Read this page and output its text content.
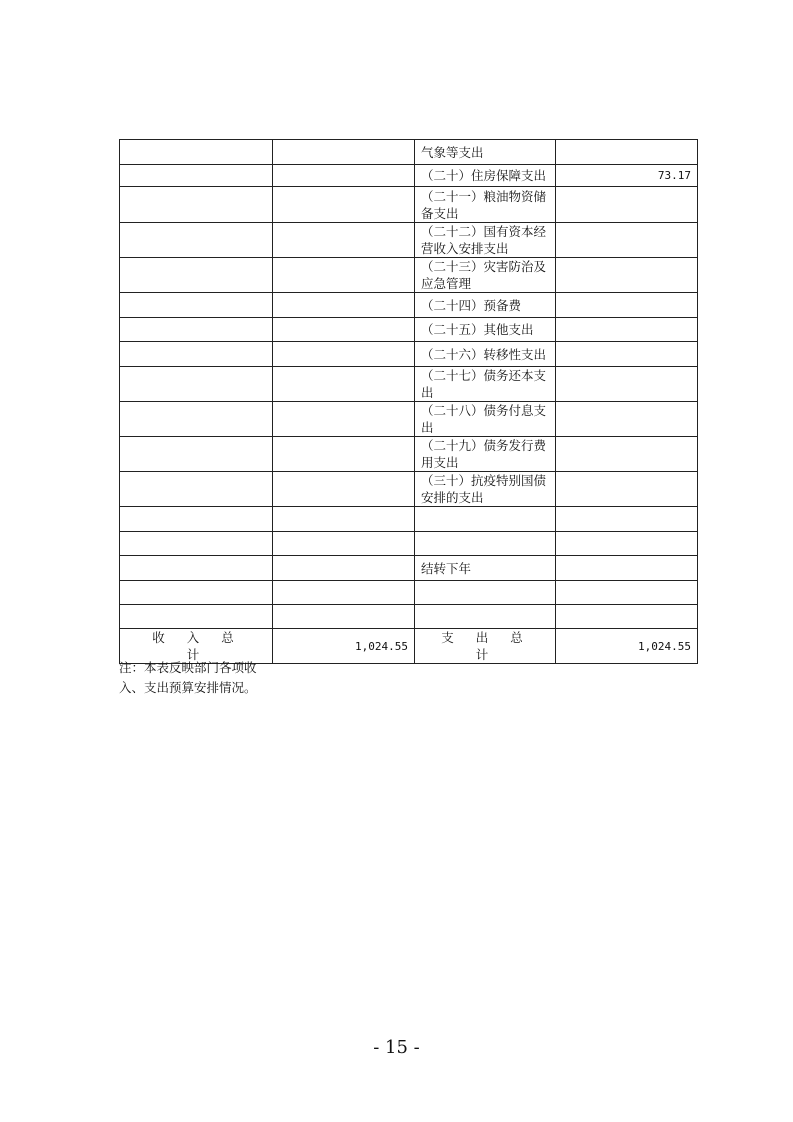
		气象等支出	
		（二十）住房保障支出	73.17
		（二十一）粮油物资储备支出	
		（二十二）国有资本经营收入安排支出	
		（二十三）灾害防治及应急管理	
		（二十四）预备费	
		（二十五）其他支出	
		（二十六）转移性支出	
		（二十七）债务还本支出	
		（二十八）债务付息支出	
		（二十九）债务发行费用支出	
		（三十）抗疫特别国债安排的支出	

		结转下年	

收入总计	1,024.55	支出总计	1,024.55
注：本表反映部门各项收入、支出预算安排情况。
- 15 -
